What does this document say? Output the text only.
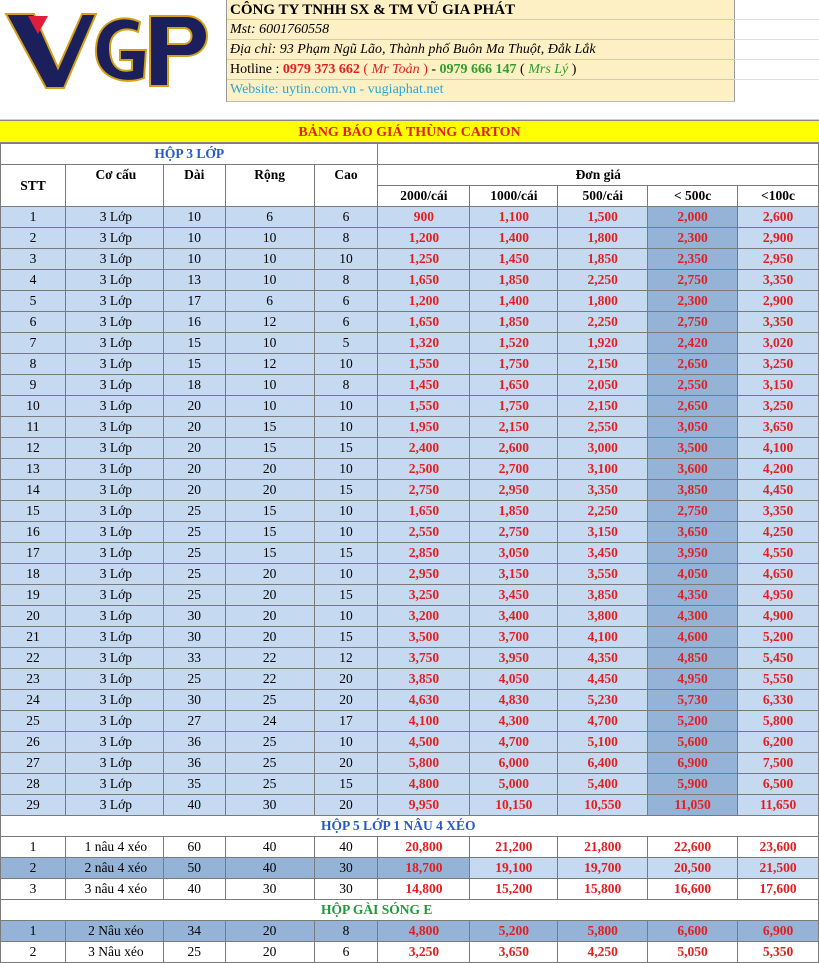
CÔNG TY TNHH SX & TM VŨ GIA PHÁT
Mst: 6001760558
Địa chỉ: 93 Phạm Ngũ Lão, Thành phố Buôn Ma Thuột, Đắk Lắk
Hotline : 0979 373 662 ( Mr Toản ) - 0979 666 147 ( Mrs Lý )
Website: uytin.com.vn - vugiaphat.net
BẢNG BÁO GIÁ THÙNG CARTON
HỘP 3 LỚP									
STT	Cơ cấu	Dài	Rộng	Cao	Đơn giá				
					2000/cái	1000/cái	500/cái	< 500c	<100c
1	3 Lớp	10	6	6	900	1,100	1,500	2,000	2,600
2	3 Lớp	10	10	8	1,200	1,400	1,800	2,300	2,900
3	3 Lớp	10	10	10	1,250	1,450	1,850	2,350	2,950
4	3 Lớp	13	10	8	1,650	1,850	2,250	2,750	3,350
5	3 Lớp	17	6	6	1,200	1,400	1,800	2,300	2,900
6	3 Lớp	16	12	6	1,650	1,850	2,250	2,750	3,350
7	3 Lớp	15	10	5	1,320	1,520	1,920	2,420	3,020
8	3 Lớp	15	12	10	1,550	1,750	2,150	2,650	3,250
9	3 Lớp	18	10	8	1,450	1,650	2,050	2,550	3,150
10	3 Lớp	20	10	10	1,550	1,750	2,150	2,650	3,250
11	3 Lớp	20	15	10	1,950	2,150	2,550	3,050	3,650
12	3 Lớp	20	15	15	2,400	2,600	3,000	3,500	4,100
13	3 Lớp	20	20	10	2,500	2,700	3,100	3,600	4,200
14	3 Lớp	20	20	15	2,750	2,950	3,350	3,850	4,450
15	3 Lớp	25	15	10	1,650	1,850	2,250	2,750	3,350
16	3 Lớp	25	15	10	2,550	2,750	3,150	3,650	4,250
17	3 Lớp	25	15	15	2,850	3,050	3,450	3,950	4,550
18	3 Lớp	25	20	10	2,950	3,150	3,550	4,050	4,650
19	3 Lớp	25	20	15	3,250	3,450	3,850	4,350	4,950
20	3 Lớp	30	20	10	3,200	3,400	3,800	4,300	4,900
21	3 Lớp	30	20	15	3,500	3,700	4,100	4,600	5,200
22	3 Lớp	33	22	12	3,750	3,950	4,350	4,850	5,450
23	3 Lớp	25	22	20	3,850	4,050	4,450	4,950	5,550
24	3 Lớp	30	25	20	4,630	4,830	5,230	5,730	6,330
25	3 Lớp	27	24	17	4,100	4,300	4,700	5,200	5,800
26	3 Lớp	36	25	10	4,500	4,700	5,100	5,600	6,200
27	3 Lớp	36	25	20	5,800	6,000	6,400	6,900	7,500
28	3 Lớp	35	25	15	4,800	5,000	5,400	5,900	6,500
29	3 Lớp	40	30	20	9,950	10,150	10,550	11,050	11,650
HỘP 5 LỚP 1 NÂU 4 XÉO									
1	1 nâu 4 xéo	60	40	40	20,800	21,200	21,800	22,600	23,600
2	2 nâu 4 xéo	50	40	30	18,700	19,100	19,700	20,500	21,500
3	3 nâu 4 xéo	40	30	30	14,800	15,200	15,800	16,600	17,600
HỘP GÀI SÓNG E									
1	2 Nâu xéo	34	20	8	4,800	5,200	5,800	6,600	6,900
2	3 Nâu xéo	25	20	6	3,250	3,650	4,250	5,050	5,350
